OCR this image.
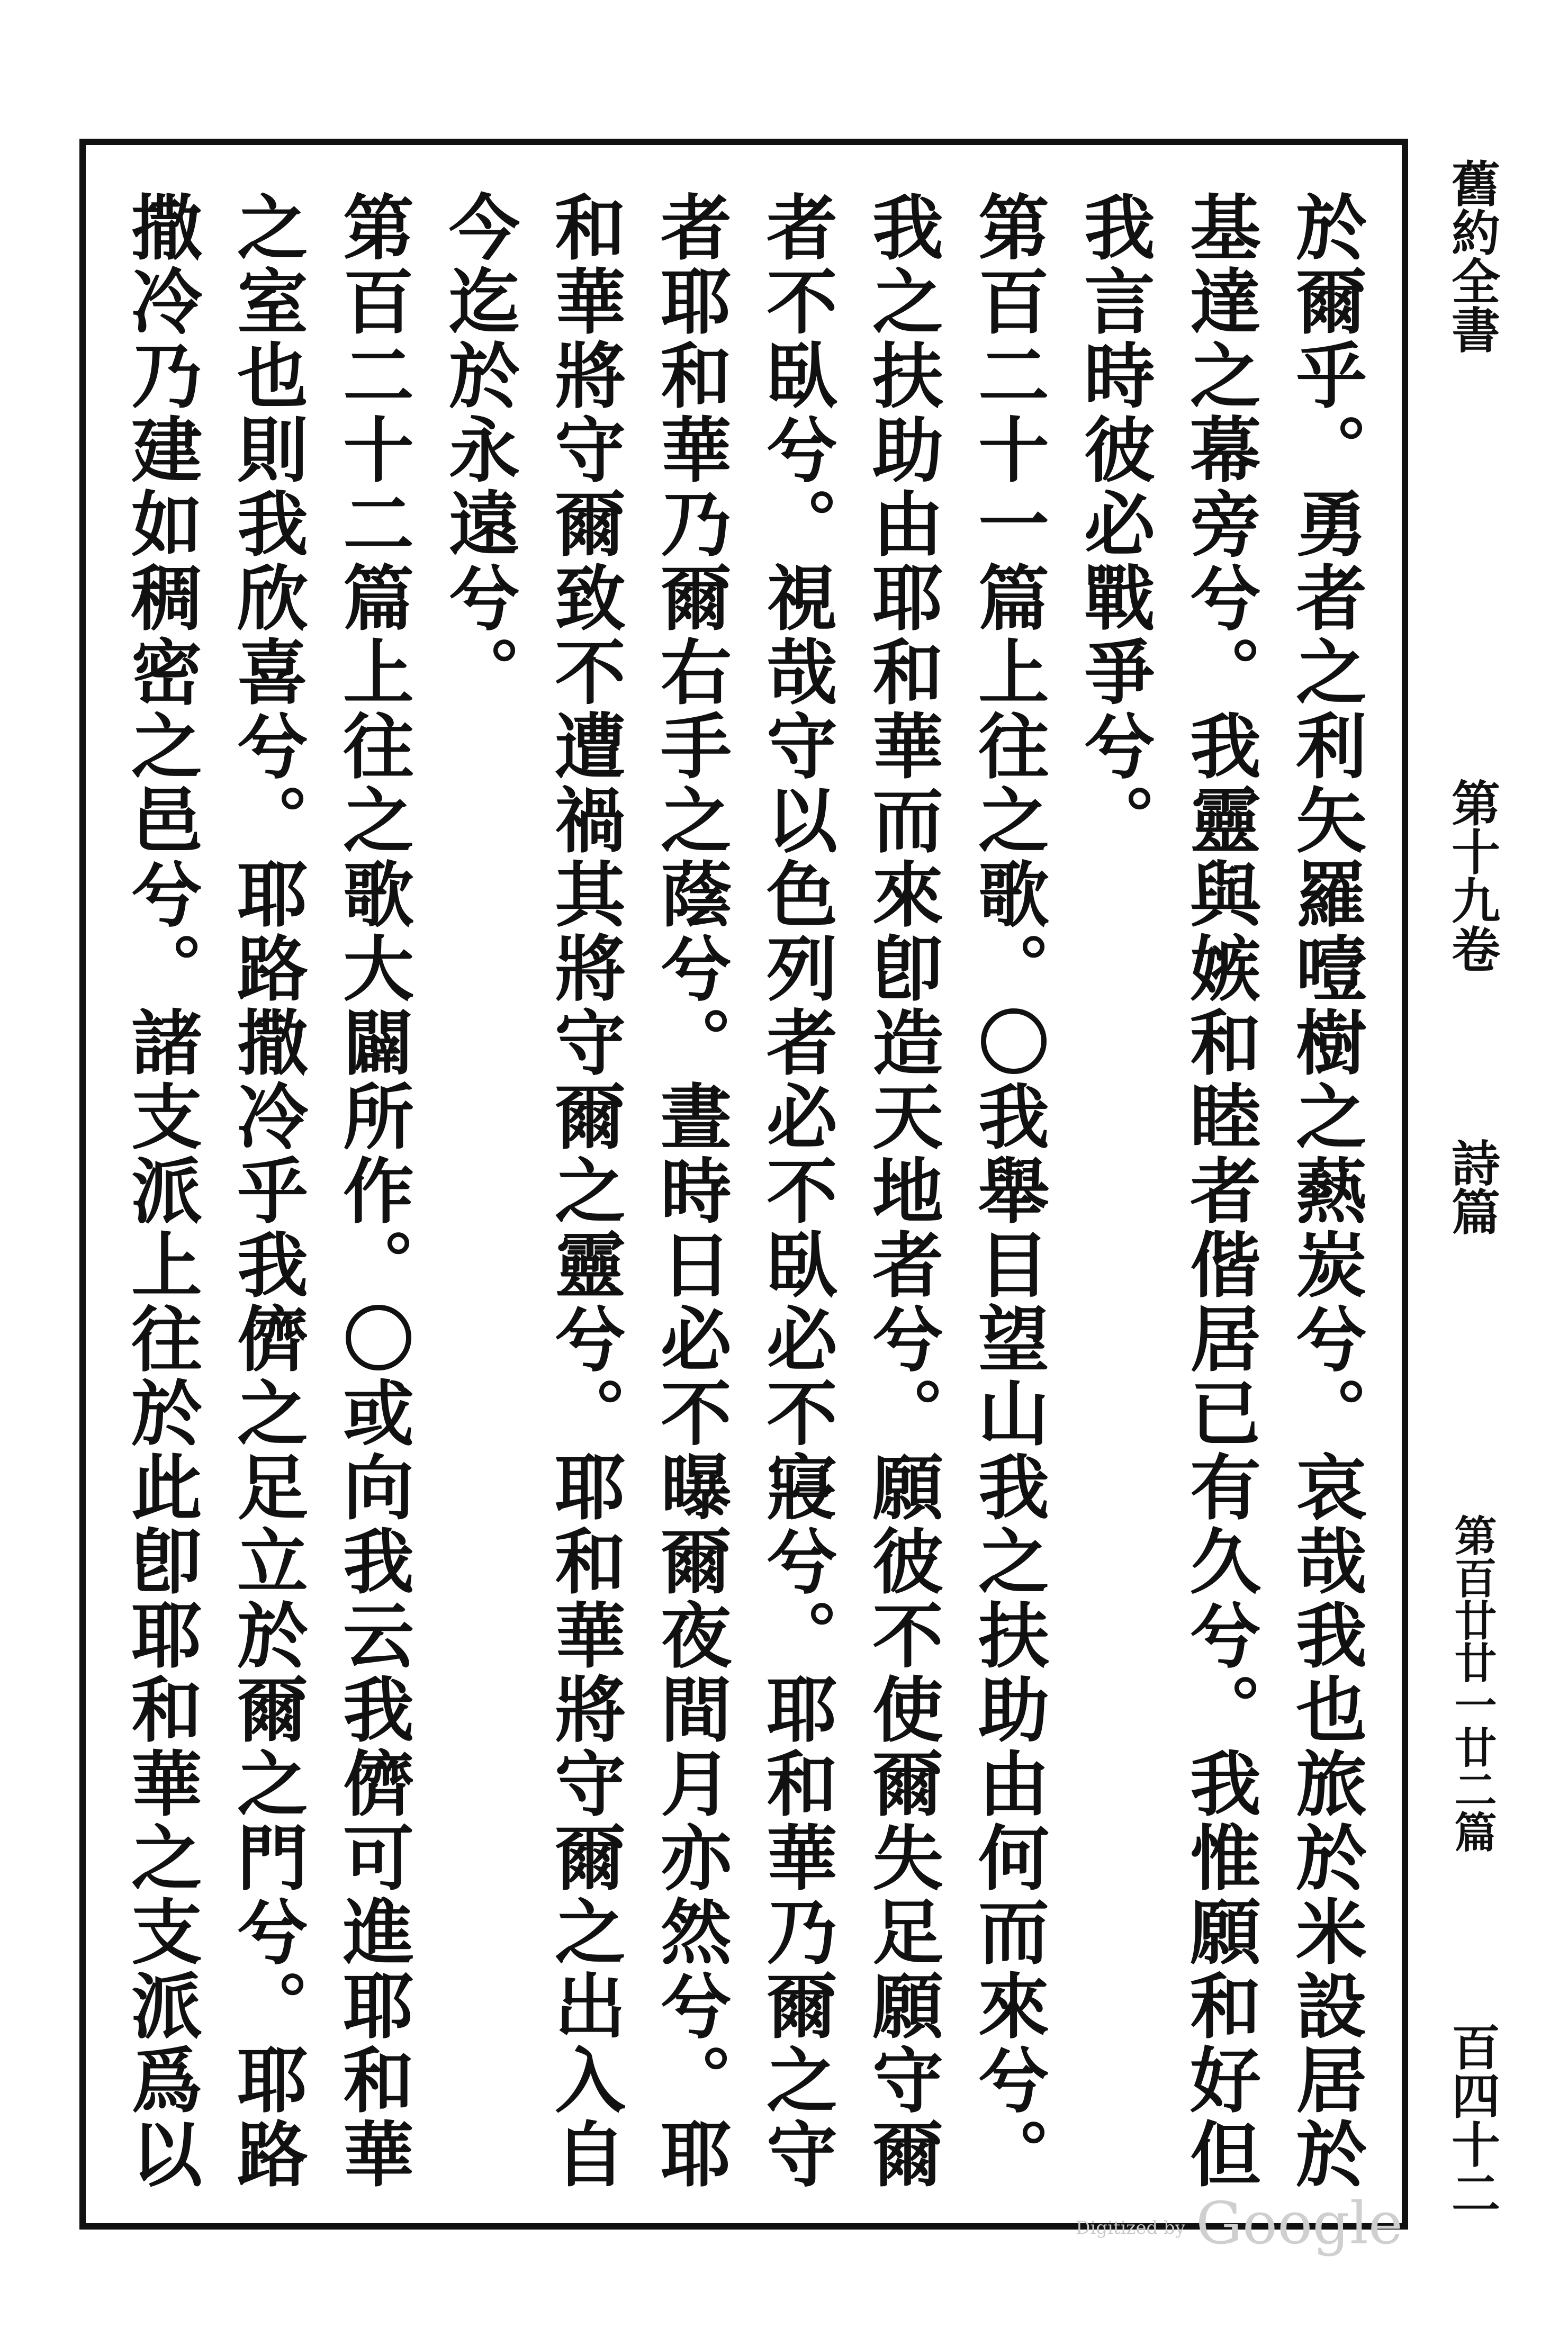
舊約全書
第十九卷
詩篇
第百廿廿一廿二篇
百四十二
於爾乎。勇者之利矢羅噎樹之爇炭兮。哀哉我也旅於米設居於
基達之幕旁兮。我靈與嫉和睦者偕居已有久兮。我惟願和好但
我言時彼必戰爭兮。
第百二十一篇上往之歌。〇我舉目望山我之扶助由何而來兮。
我之扶助由耶和華而來卽造天地者兮。願彼不使爾失足願守爾
者不臥兮。視哉守以色列者必不臥必不寢兮。耶和華乃爾之守
者耶和華乃爾右手之蔭兮。晝時日必不曝爾夜間月亦然兮。耶
和華將守爾致不遭禍其將守爾之靈兮。耶和華將守爾之出入自
今迄於永遠兮。
第百二十二篇上往之歌大闢所作。〇或向我云我儕可進耶和華
之室也則我欣喜兮。耶路撒冷乎我儕之足立於爾之門兮。耶路
撒冷乃建如稠密之邑兮。諸支派上往於此卽耶和華之支派爲以
Digitized by Google
